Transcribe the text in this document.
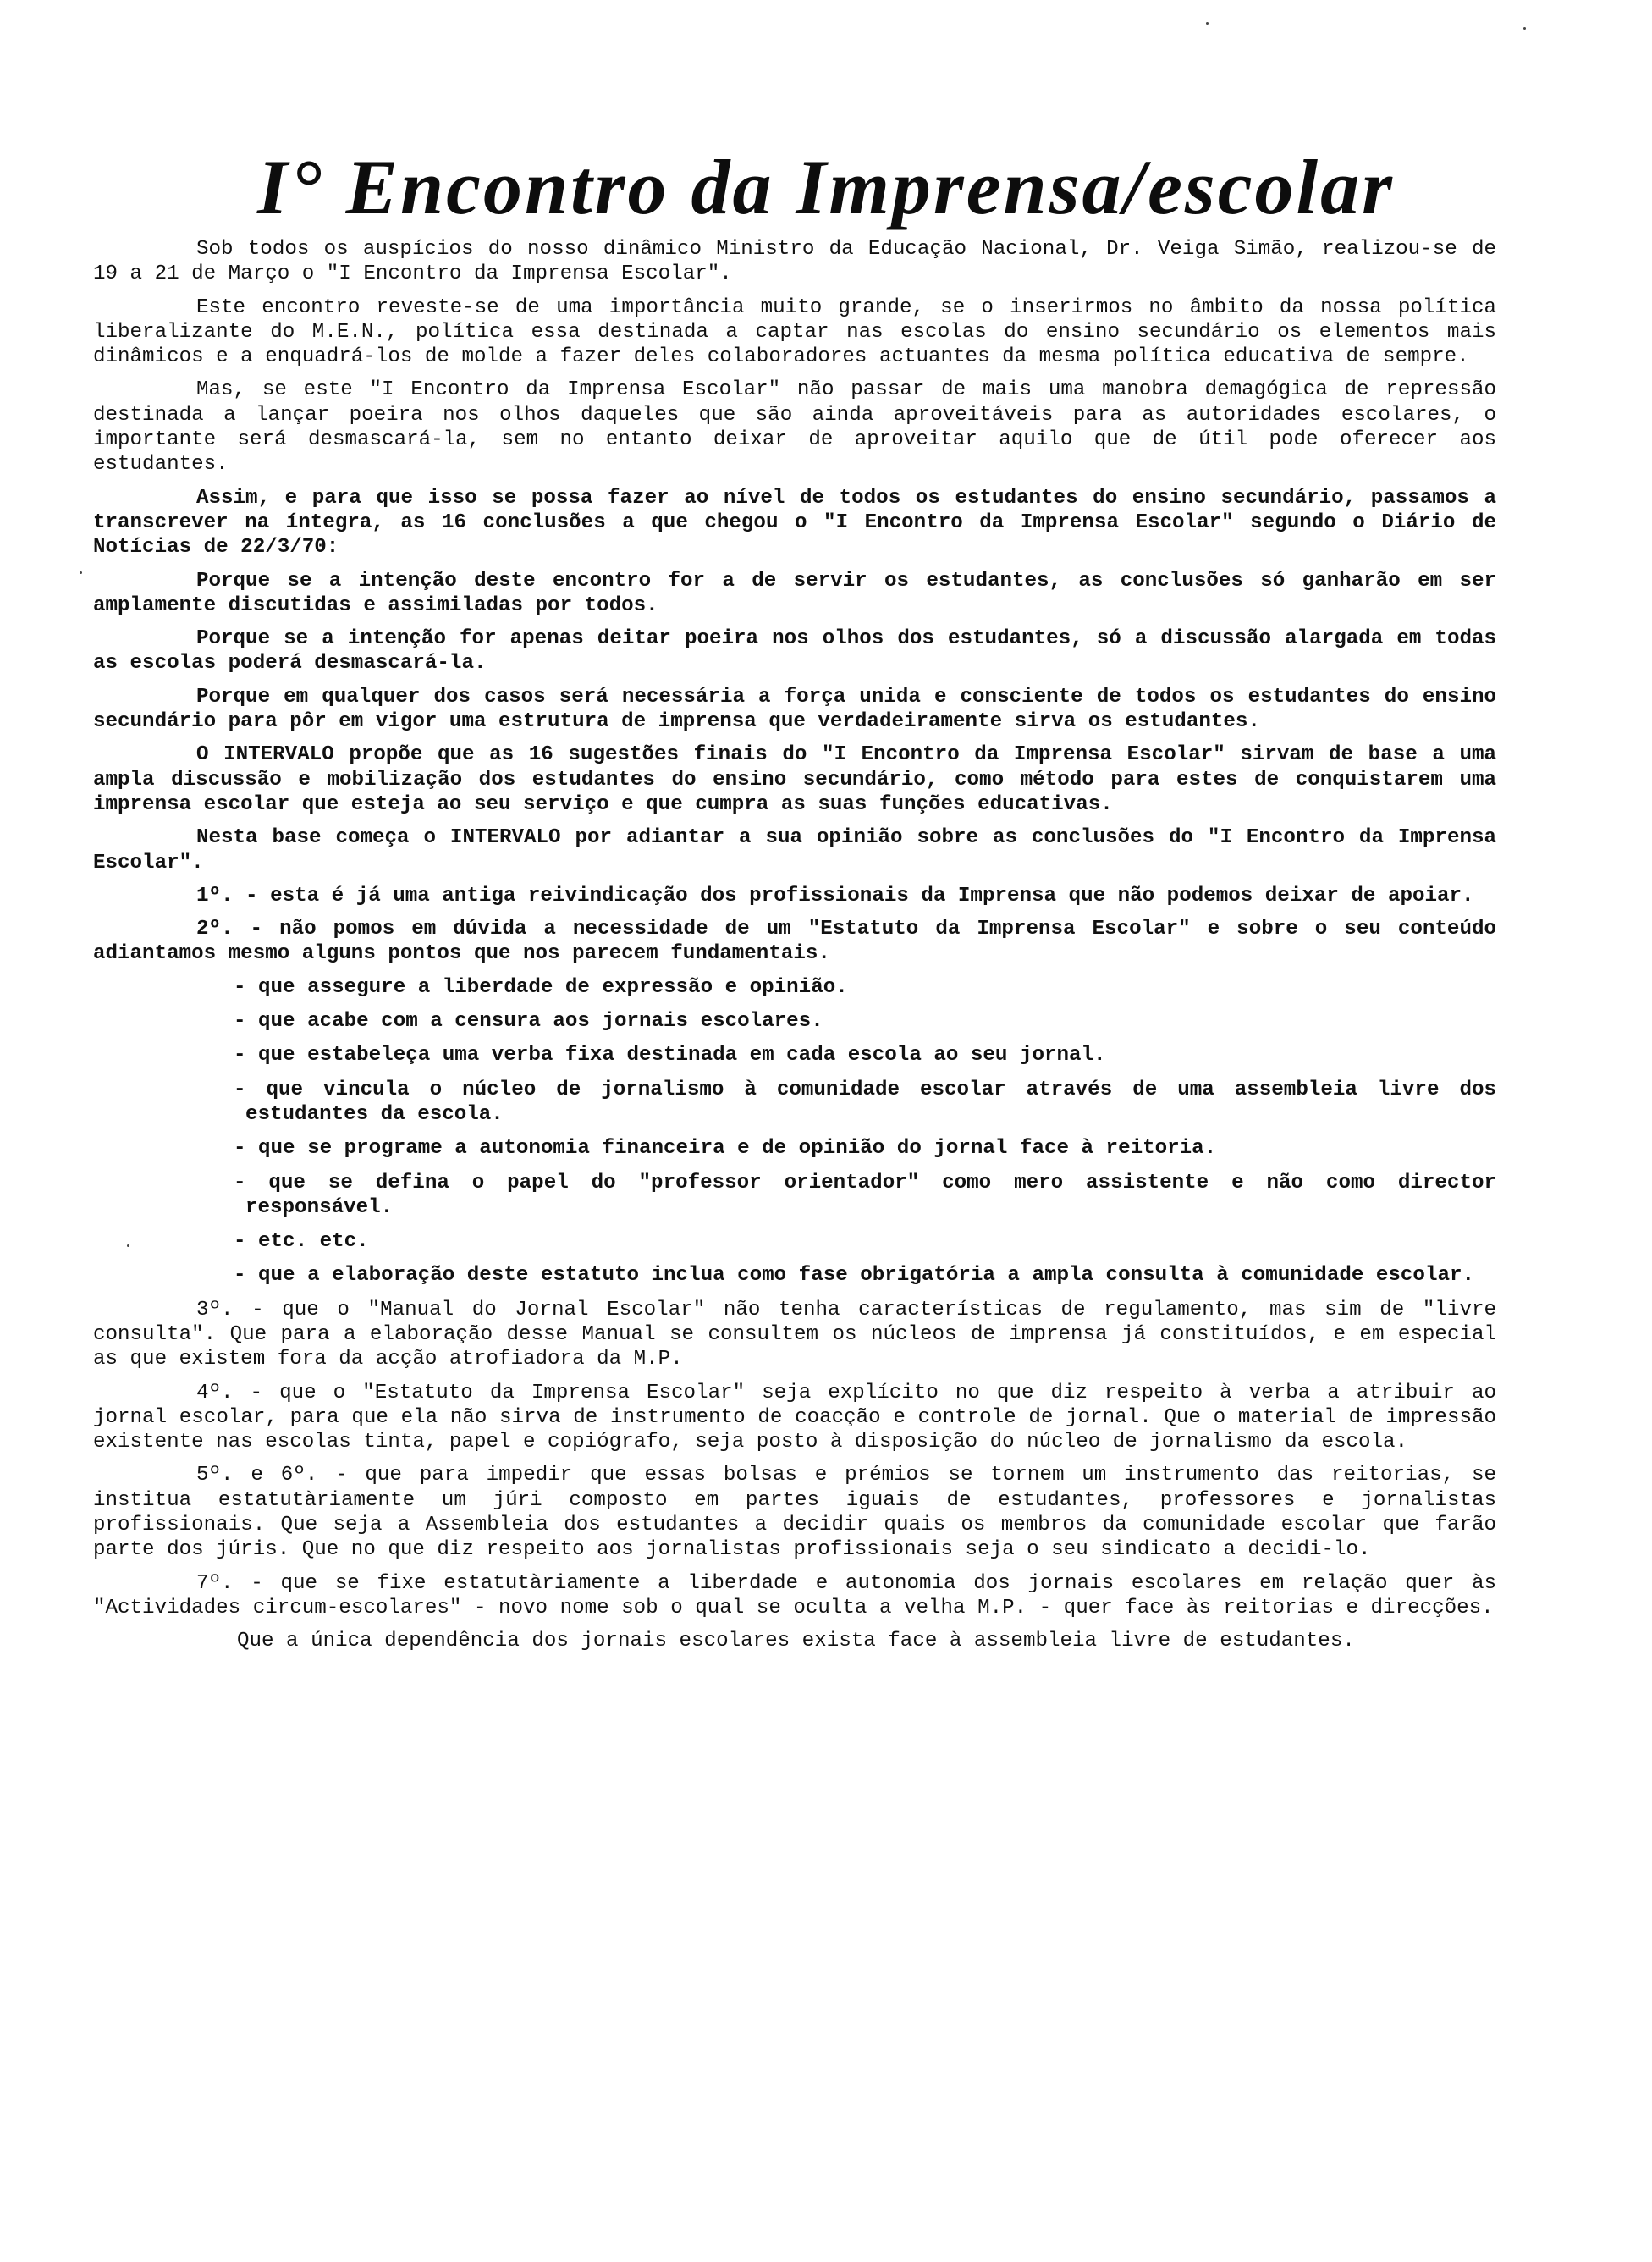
I° Encontro da Imprensa/escolar

Sob todos os auspícios do nosso dinâmico Ministro da Educação Nacional, Dr. Veiga Simão, realizou-se de 19 a 21 de Março o "I Encontro da Imprensa Escolar".

Este encontro reveste-se de uma importância muito grande, se o inserirmos no âmbito da nossa política liberalizante do M.E.N., política essa destinada a captar nas escolas do ensino secundário os elementos mais dinâmicos e a enquadrá-los de molde a fazer deles colaboradores actuantes da mesma política educativa de sempre.

Mas, se este "I Encontro da Imprensa Escolar" não passar de mais uma manobra demagógica de repressão destinada a lançar poeira nos olhos daqueles que são ainda aproveitáveis para as autoridades escolares, o importante será desmascará-la, sem no entanto deixar de aproveitar aquilo que de útil pode oferecer aos estudantes.

Assim, e para que isso se possa fazer ao nível de todos os estudantes do ensino secundário, passamos a transcrever na íntegra, as 16 conclusões a que chegou o "I Encontro da Imprensa Escolar" segundo o Diário de Notícias de 22/3/70:

Porque se a intenção deste encontro for a de servir os estudantes, as conclusões só ganharão em ser amplamente discutidas e assimiladas por todos.

Porque se a intenção for apenas deitar poeira nos olhos dos estudantes, só a discussão alargada em todas as escolas poderá desmascará-la.

Porque em qualquer dos casos será necessária a força unida e consciente de todos os estudantes do ensino secundário para pôr em vigor uma estrutura de imprensa que verdadeiramente sirva os estudantes.

O INTERVALO propõe que as 16 sugestões finais do "I Encontro da Imprensa Escolar" sirvam de base a uma ampla discussão e mobilização dos estudantes do ensino secundário, como método para estes de conquistarem uma imprensa escolar que esteja ao seu serviço e que cumpra as suas funções educativas.

Nesta base começa o INTERVALO por adiantar a sua opinião sobre as conclusões do "I Encontro da Imprensa Escolar".

1º. - esta é já uma antiga reivindicação dos profissionais da Imprensa que não podemos deixar de apoiar.

2º. - não pomos em dúvida a necessidade de um "Estatuto da Imprensa Escolar" e sobre o seu conteúdo adiantamos mesmo alguns pontos que nos parecem fundamentais.

- que assegure a liberdade de expressão e opinião.

- que acabe com a censura aos jornais escolares.

- que estabeleça uma verba fixa destinada em cada escola ao seu jornal.

- que vincula o núcleo de jornalismo à comunidade escolar através de uma assembleia livre dos estudantes da escola.

- que se programe a autonomia financeira e de opinião do jornal face à reitoria.

- que se defina o papel do "professor orientador" como mero assistente e não como director responsável.

- etc. etc.

- que a elaboração deste estatuto inclua como fase obrigatória a ampla consulta à comunidade escolar.

3º. - que o "Manual do Jornal Escolar" não tenha características de regulamento, mas sim de "livre consulta". Que para a elaboração desse Manual se consultem os núcleos de imprensa já constituídos, e em especial as que existem fora da acção atrofiadora da M.P.

4º. - que o "Estatuto da Imprensa Escolar" seja explícito no que diz respeito à verba a atribuir ao jornal escolar, para que ela não sirva de instrumento de coacção e controle de jornal. Que o material de impressão existente nas escolas tinta, papel e copiógrafo, seja posto à disposição do núcleo de jornalismo da escola.

5º. e 6º. - que para impedir que essas bolsas e prémios se tornem um instrumento das reitorias, se institua estatutàriamente um júri composto em partes iguais de estudantes, professores e jornalistas profissionais. Que seja a Assembleia dos estudantes a decidir quais os membros da comunidade escolar que farão parte dos júris. Que no que diz respeito aos jornalistas profissionais seja o seu sindicato a decidi-lo.

7º. - que se fixe estatutàriamente a liberdade e autonomia dos jornais escolares em relação quer às "Actividades circum-escolares" - novo nome sob o qual se oculta a velha M.P. - quer face às reitorias e direcções.

Que a única dependência dos jornais escolares exista face à assembleia livre de estudantes.
